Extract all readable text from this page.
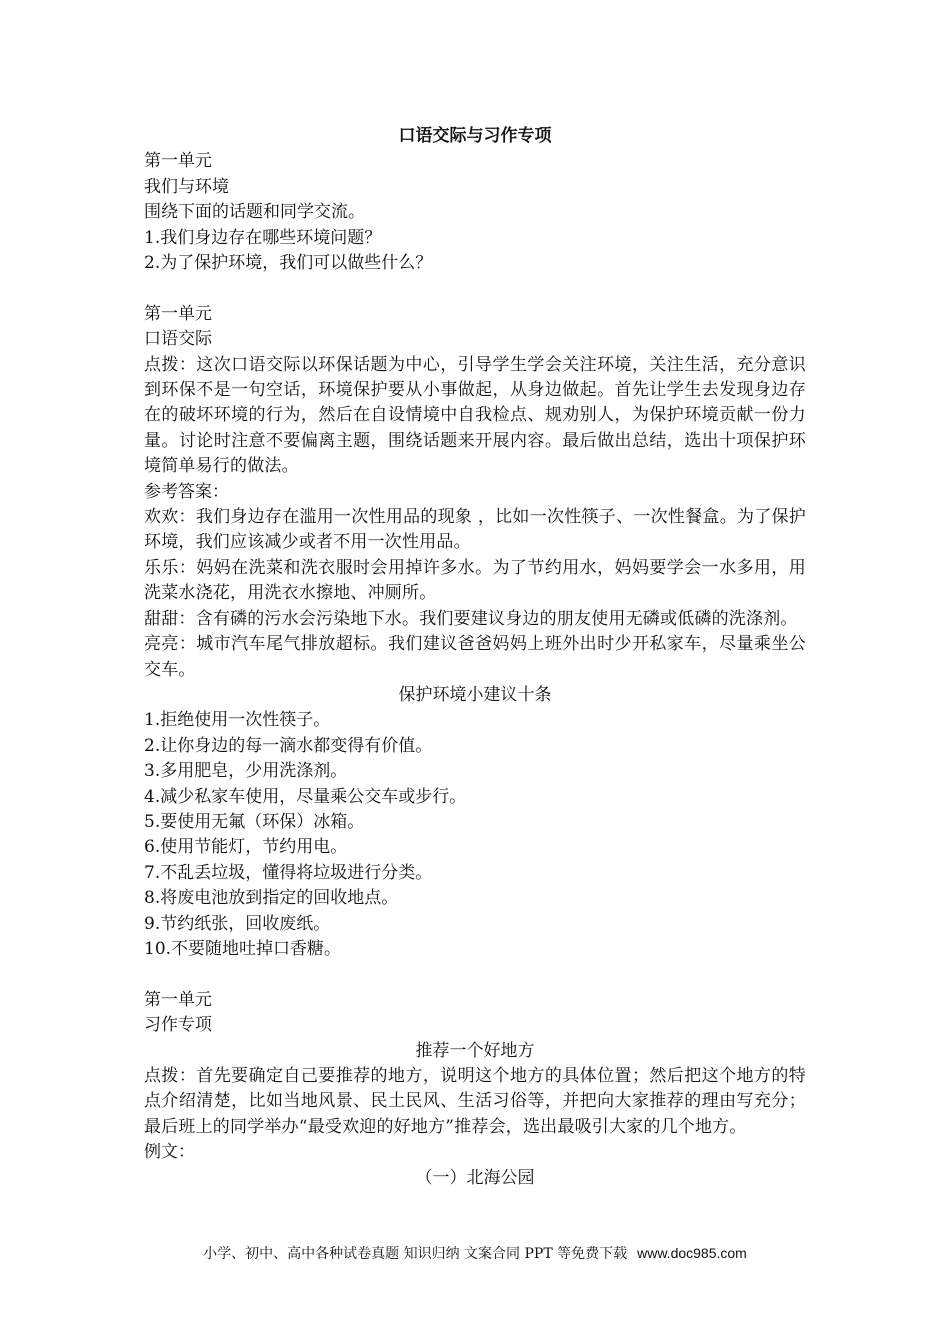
口语交际与习作专项

第一单元

我们与环境

围绕下面的话题和同学交流。

1.我们身边存在哪些环境问题？

2.为了保护环境，我们可以做些什么？

第一单元

口语交际

点拨：这次口语交际以环保话题为中心，引导学生学会关注环境，关注生活，充分意识到环保不是一句空话，环境保护要从小事做起，从身边做起。首先让学生去发现身边存在的破坏环境的行为，然后在自设情境中自我检点、规劝别人，为保护环境贡献一份力量。讨论时注意不要偏离主题，围绕话题来开展内容。最后做出总结，选出十项保护环境简单易行的做法。

参考答案：

欢欢：我们身边存在滥用一次性用品的现象 ，比如一次性筷子、一次性餐盒。为了保护环境，我们应该减少或者不用一次性用品。

乐乐：妈妈在洗菜和洗衣服时会用掉许多水。为了节约用水，妈妈要学会一水多用，用洗菜水浇花，用洗衣水擦地、冲厕所。

甜甜：含有磷的污水会污染地下水。我们要建议身边的朋友使用无磷或低磷的洗涤剂。

亮亮：城市汽车尾气排放超标。我们建议爸爸妈妈上班外出时少开私家车，尽量乘坐公交车。

保护环境小建议十条

1.拒绝使用一次性筷子。

2.让你身边的每一滴水都变得有价值。

3.多用肥皂，少用洗涤剂。

4.减少私家车使用，尽量乘公交车或步行。

5.要使用无氟（环保）冰箱。

6.使用节能灯，节约用电。

7.不乱丢垃圾，懂得将垃圾进行分类。

8.将废电池放到指定的回收地点。

9.节约纸张，回收废纸。

10.不要随地吐掉口香糖。

第一单元

习作专项

推荐一个好地方

点拨：首先要确定自己要推荐的地方，说明这个地方的具体位置；然后把这个地方的特点介绍清楚，比如当地风景、民土民风、生活习俗等，并把向大家推荐的理由写充分；最后班上的同学举办“最受欢迎的好地方”推荐会，选出最吸引大家的几个地方。

例文：

（一）北海公园

小学、初中、高中各种试卷真题 知识归纳 文案合同 PPT 等免费下载 www.doc985.com
